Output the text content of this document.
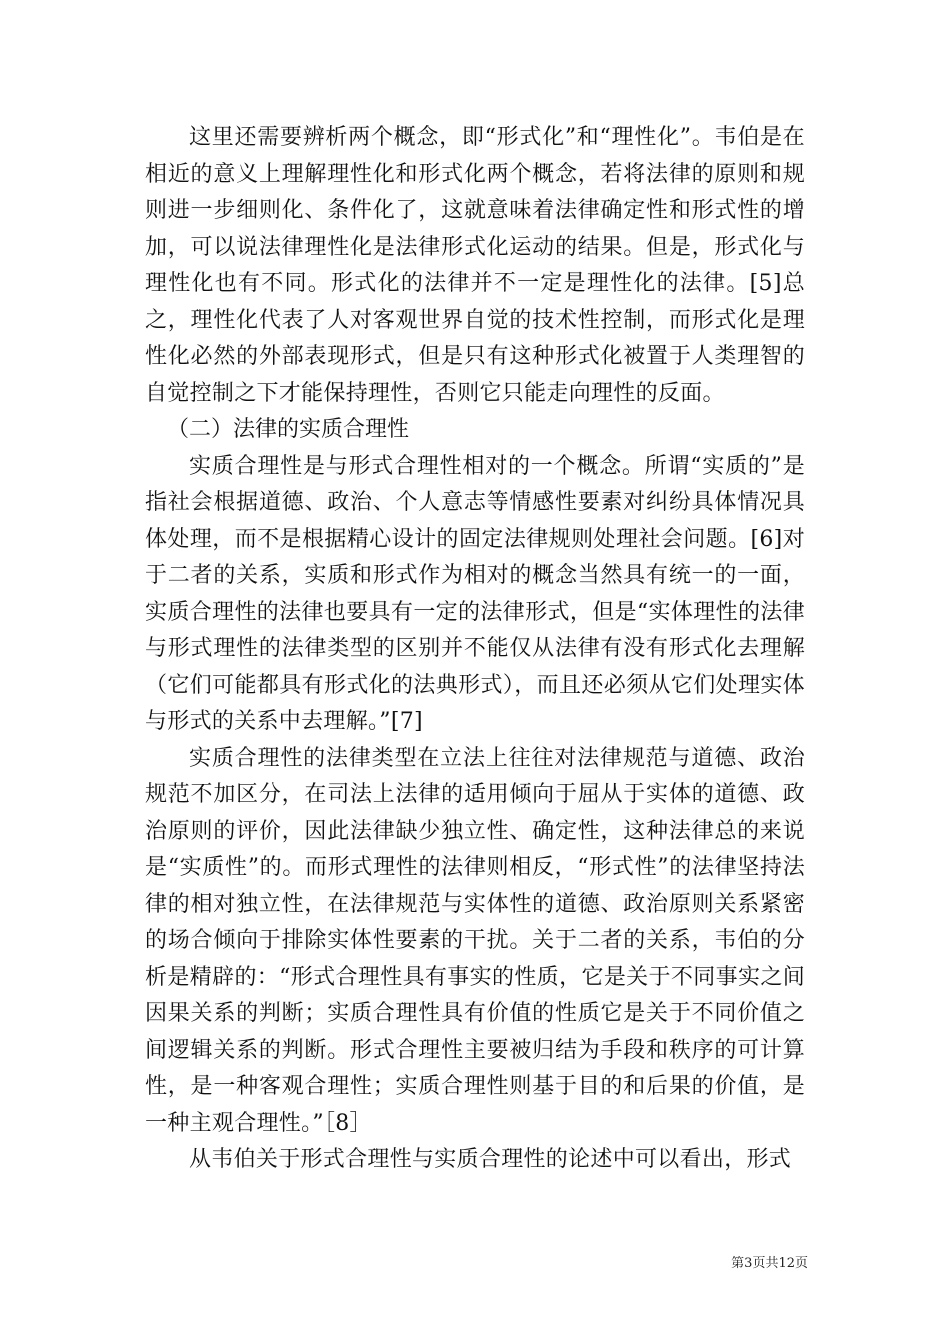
这里还需要辨析两个概念，即“形式化”和“理性化”。韦伯是在相近的意义上理解理性化和形式化两个概念，若将法律的原则和规则进一步细则化、条件化了，这就意味着法律确定性和形式性的增加，可以说法律理性化是法律形式化运动的结果。但是，形式化与理性化也有不同。形式化的法律并不一定是理性化的法律。[5]总之，理性化代表了人对客观世界自觉的技术性控制，而形式化是理性化必然的外部表现形式，但是只有这种形式化被置于人类理智的自觉控制之下才能保持理性，否则它只能走向理性的反面。

（二）法律的实质合理性

实质合理性是与形式合理性相对的一个概念。所谓“实质的”是指社会根据道德、政治、个人意志等情感性要素对纠纷具体情况具体处理，而不是根据精心设计的固定法律规则处理社会问题。[6]对于二者的关系，实质和形式作为相对的概念当然具有统一的一面，实质合理性的法律也要具有一定的法律形式，但是“实体理性的法律与形式理性的法律类型的区别并不能仅从法律有没有形式化去理解（它们可能都具有形式化的法典形式），而且还必须从它们处理实体与形式的关系中去理解。”[7]

实质合理性的法律类型在立法上往往对法律规范与道德、政治规范不加区分，在司法上法律的适用倾向于屈从于实体的道德、政治原则的评价，因此法律缺少独立性、确定性，这种法律总的来说是“实质性”的。而形式理性的法律则相反，“形式性”的法律坚持法律的相对独立性，在法律规范与实体性的道德、政治原则关系紧密的场合倾向于排除实体性要素的干扰。关于二者的关系，韦伯的分析是精辟的：“形式合理性具有事实的性质，它是关于不同事实之间因果关系的判断；实质合理性具有价值的性质它是关于不同价值之间逻辑关系的判断。形式合理性主要被归结为手段和秩序的可计算性，是一种客观合理性；实质合理性则基于目的和后果的价值，是一种主观合理性。”［8］

从韦伯关于形式合理性与实质合理性的论述中可以看出，形式

第3页共12页
